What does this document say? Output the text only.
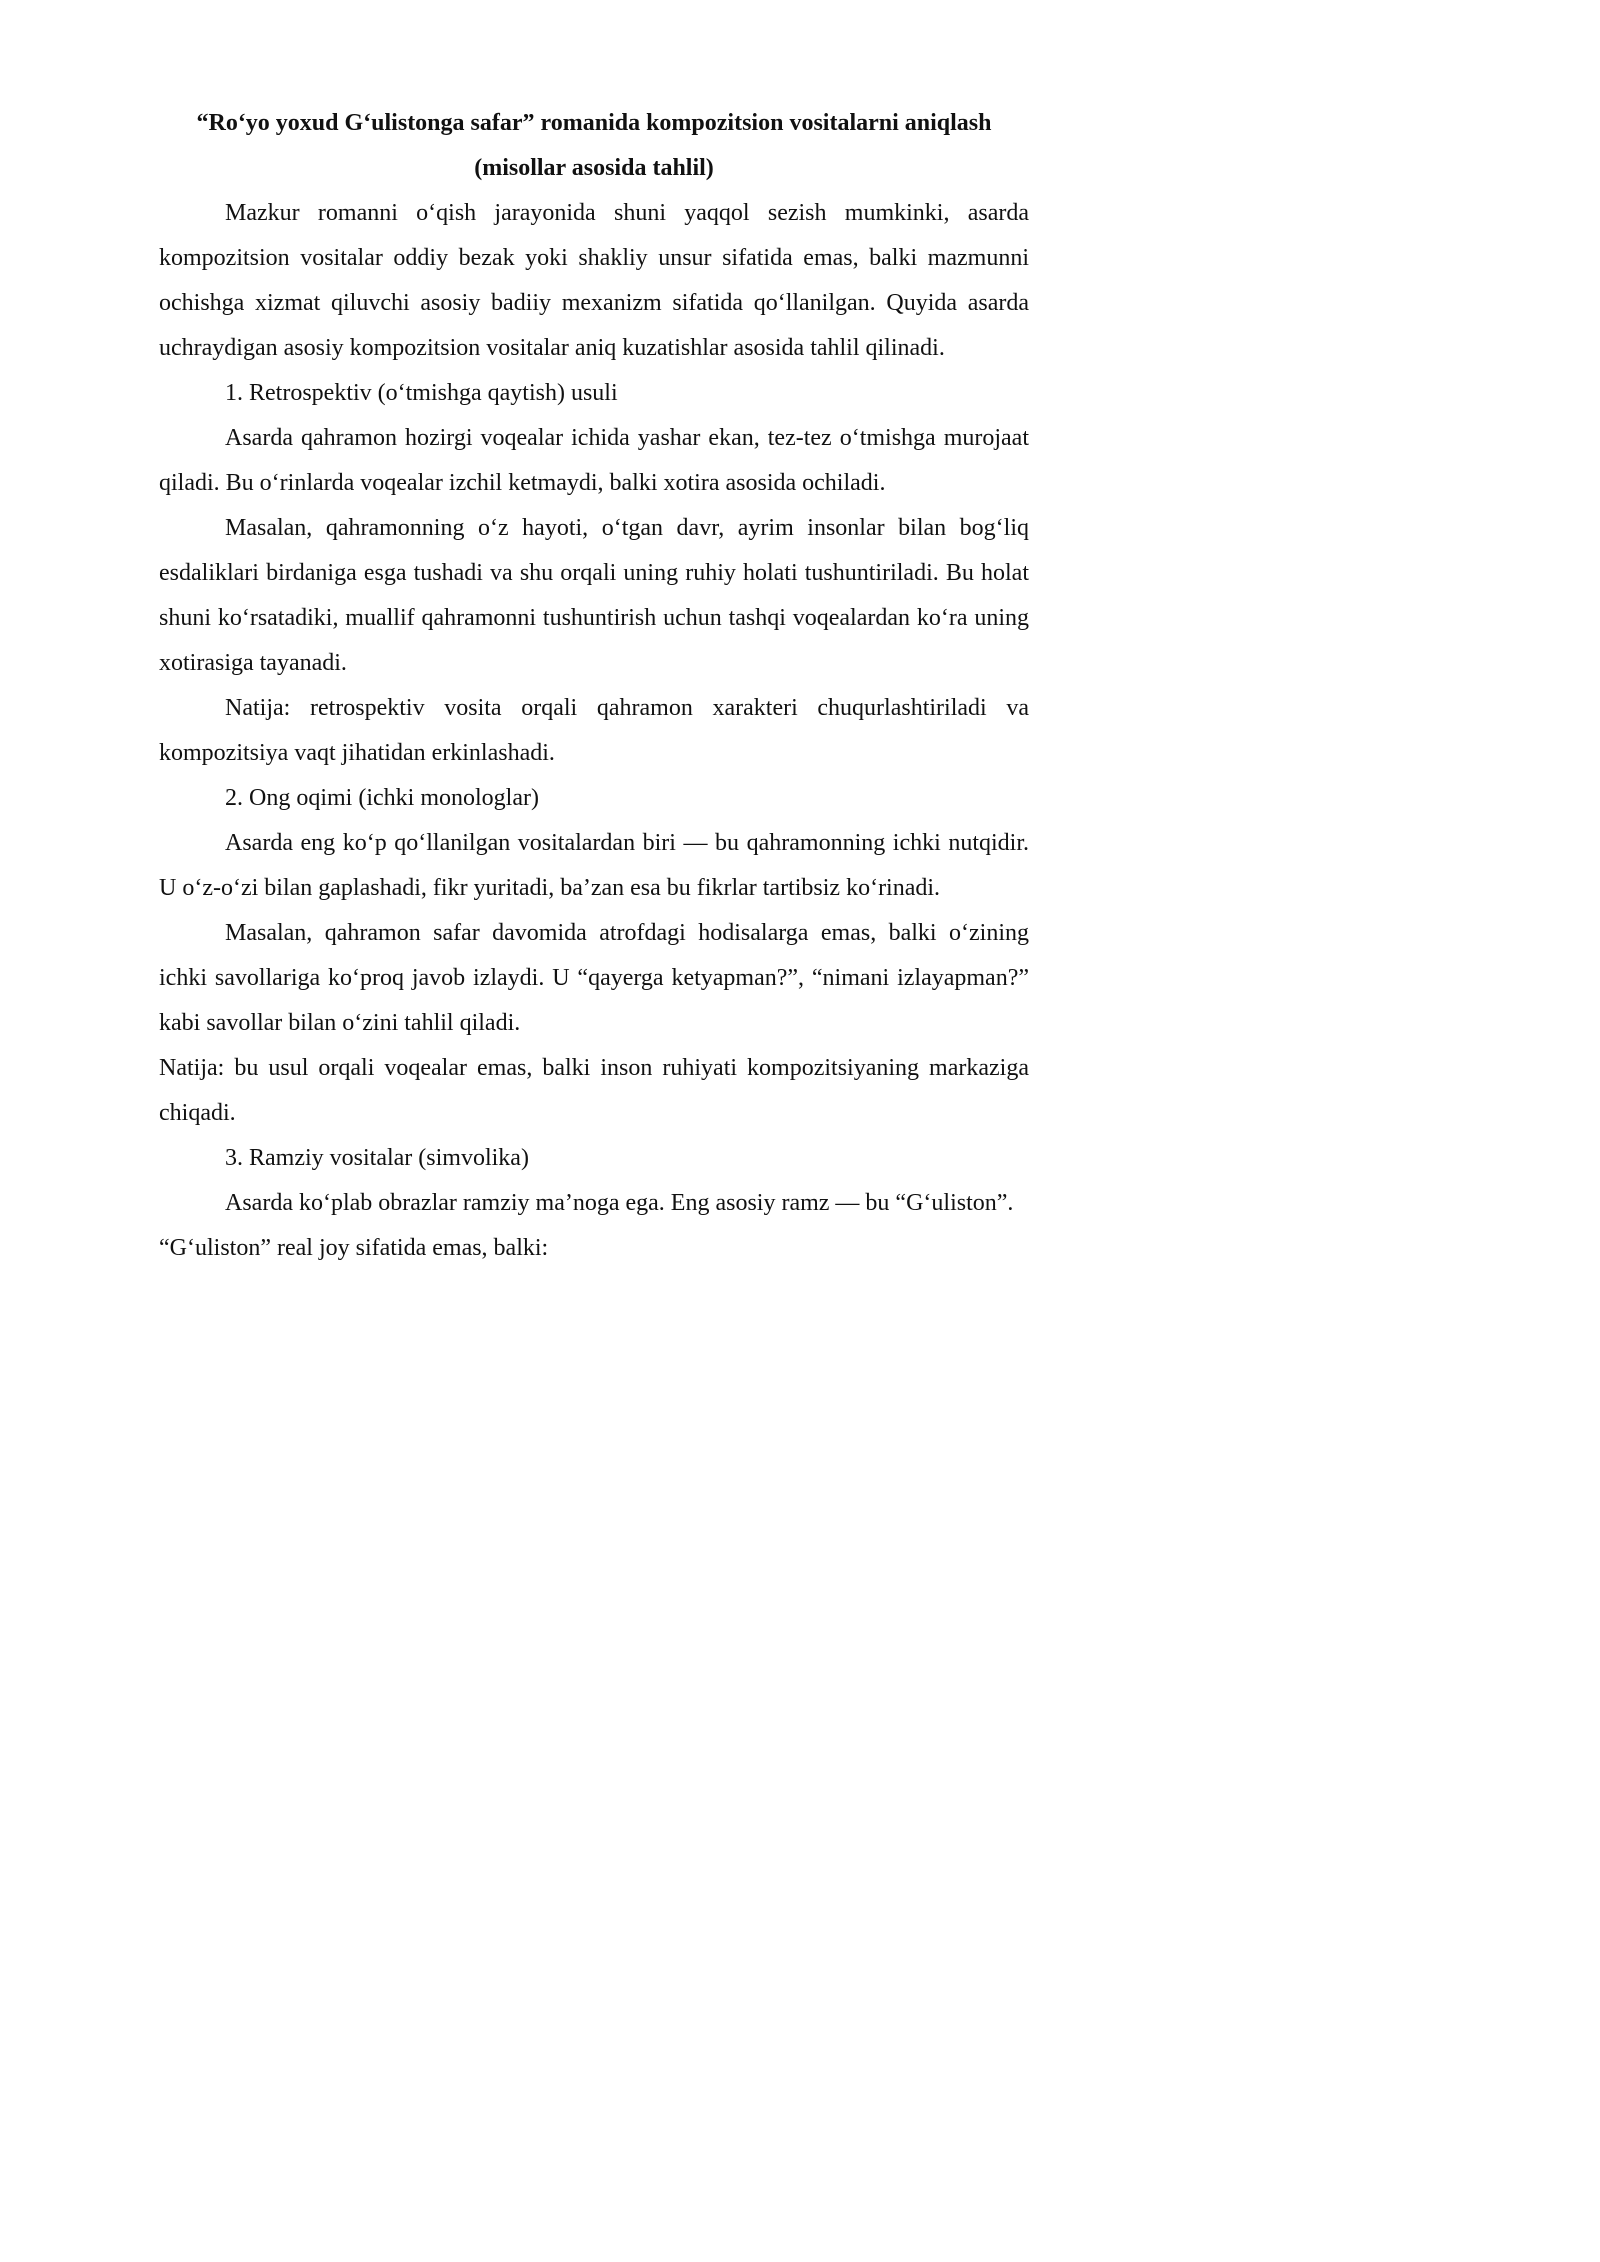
“Ro‘yo yoxud G‘ulistonga safar” romanida kompozitsion vositalarni aniqlash

(misollar asosida tahlil)

Mazkur romanni o‘qish jarayonida shuni yaqqol sezish mumkinki, asarda kompozitsion vositalar oddiy bezak yoki shakliy unsur sifatida emas, balki mazmunni ochishga xizmat qiluvchi asosiy badiiy mexanizm sifatida qo‘llanilgan. Quyida asarda uchraydigan asosiy kompozitsion vositalar aniq kuzatishlar asosida tahlil qilinadi.

1. Retrospektiv (o‘tmishga qaytish) usuli

Asarda qahramon hozirgi voqealar ichida yashar ekan, tez-tez o‘tmishga murojaat qiladi. Bu o‘rinlarda voqealar izchil ketmaydi, balki xotira asosida ochiladi.

Masalan, qahramonning o‘z hayoti, o‘tgan davr, ayrim insonlar bilan bog‘liq esdaliklari birdaniga esga tushadi va shu orqali uning ruhiy holati tushuntiriladi. Bu holat shuni ko‘rsatadiki, muallif qahramonni tushuntirish uchun tashqi voqealardan ko‘ra uning xotirasiga tayanadi.

Natija: retrospektiv vosita orqali qahramon xarakteri chuqurlashtiriladi va kompozitsiya vaqt jihatidan erkinlashadi.

2. Ong oqimi (ichki monologlar)

Asarda eng ko‘p qo‘llanilgan vositalardan biri — bu qahramonning ichki nutqidir. U o‘z-o‘zi bilan gaplashadi, fikr yuritadi, ba’zan esa bu fikrlar tartibsiz ko‘rinadi.

Masalan, qahramon safar davomida atrofdagi hodisalarga emas, balki o‘zining ichki savollariga ko‘proq javob izlaydi. U “qayerga ketyapman?”, “nimani izlayapman?” kabi savollar bilan o‘zini tahlil qiladi.

Natija: bu usul orqali voqealar emas, balki inson ruhiyati kompozitsiyaning markaziga chiqadi.

3. Ramziy vositalar (simvolika)

Asarda ko‘plab obrazlar ramziy ma’noga ega. Eng asosiy ramz — bu “G‘uliston”.

“G‘uliston” real joy sifatida emas, balki:
